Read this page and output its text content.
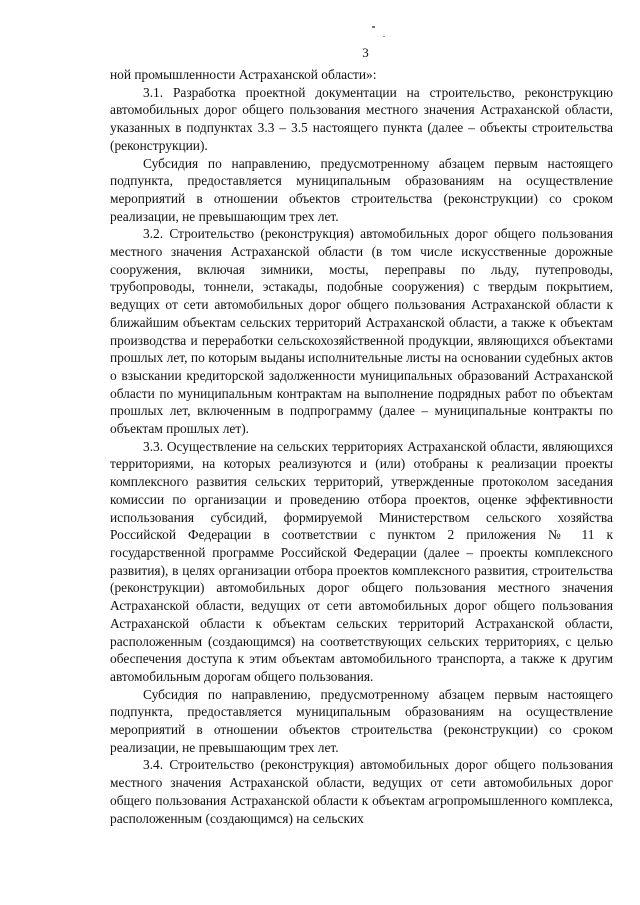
3

ной промышленности Астраханской области»:

3.1. Разработка проектной документации на строительство, реконструкцию автомобильных дорог общего пользования местного значения Астраханской области, указанных в подпунктах 3.3 – 3.5 настоящего пункта (далее – объекты строительства (реконструкции).

Субсидия по направлению, предусмотренному абзацем первым настоящего подпункта, предоставляется муниципальным образованиям на осуществление мероприятий в отношении объектов строительства (реконструкции) со сроком реализации, не превышающим трех лет.

3.2. Строительство (реконструкция) автомобильных дорог общего пользования местного значения Астраханской области (в том числе искусственные дорожные сооружения, включая зимники, мосты, переправы по льду, путепроводы, трубопроводы, тоннели, эстакады, подобные сооружения) с твердым покрытием, ведущих от сети автомобильных дорог общего пользования Астраханской области к ближайшим объектам сельских территорий Астраханской области, а также к объектам производства и переработки сельскохозяйственной продукции, являющихся объектами прошлых лет, по которым выданы исполнительные листы на основании судебных актов о взыскании кредиторской задолженности муниципальных образований Астраханской области по муниципальным контрактам на выполнение подрядных работ по объектам прошлых лет, включенным в подпрограмму (далее – муниципальные контракты по объектам прошлых лет).

3.3. Осуществление на сельских территориях Астраханской области, являющихся территориями, на которых реализуются и (или) отобраны к реализации проекты комплексного развития сельских территорий, утвержденные протоколом заседания комиссии по организации и проведению отбора проектов, оценке эффективности использования субсидий, формируемой Министерством сельского хозяйства Российской Федерации в соответствии с пунктом 2 приложения № 11 к государственной программе Российской Федерации (далее – проекты комплексного развития), в целях организации отбора проектов комплексного развития, строительства (реконструкции) автомобильных дорог общего пользования местного значения Астраханской области, ведущих от сети автомобильных дорог общего пользования Астраханской области к объектам сельских территорий Астраханской области, расположенным (создающимся) на соответствующих сельских территориях, с целью обеспечения доступа к этим объектам автомобильного транспорта, а также к другим автомобильным дорогам общего пользования.

Субсидия по направлению, предусмотренному абзацем первым настоящего подпункта, предоставляется муниципальным образованиям на осуществление мероприятий в отношении объектов строительства (реконструкции) со сроком реализации, не превышающим трех лет.

3.4. Строительство (реконструкция) автомобильных дорог общего пользования местного значения Астраханской области, ведущих от сети автомобильных дорог общего пользования Астраханской области к объектам агропромышленного комплекса, расположенным (создающимся) на сельских
